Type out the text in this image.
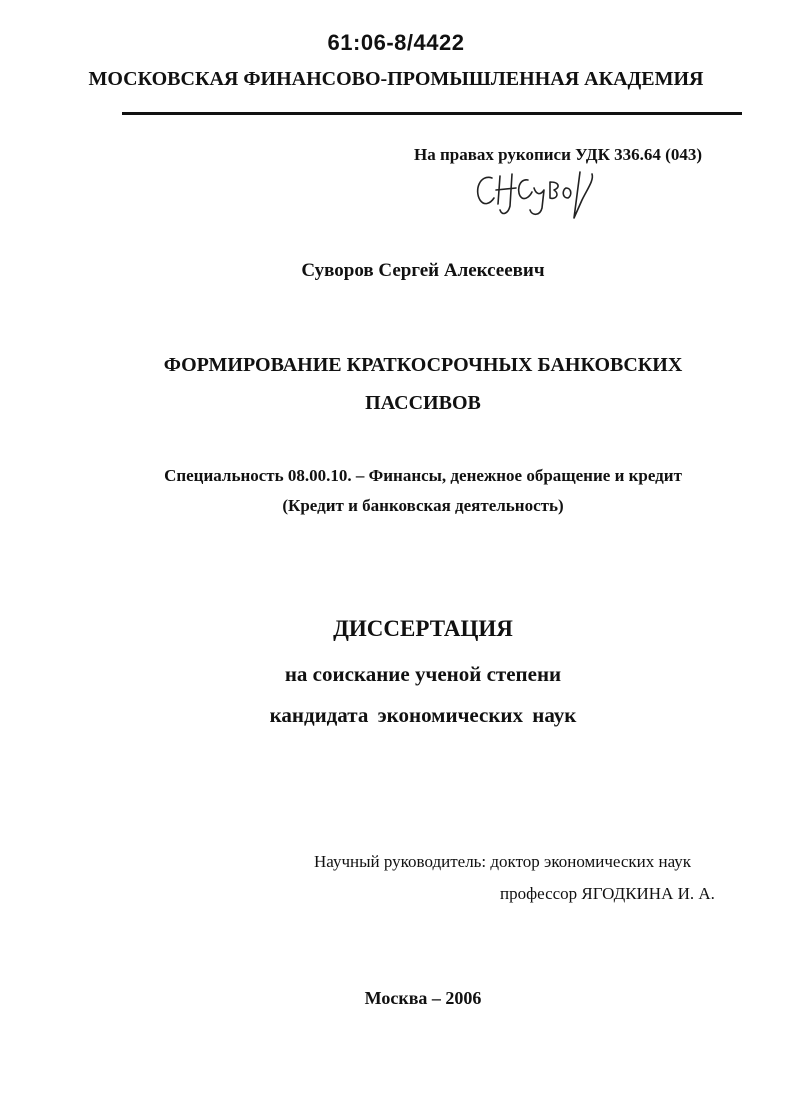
61:06-8/4422
МОСКОВСКАЯ ФИНАНСОВО-ПРОМЫШЛЕННАЯ АКАДЕМИЯ
На правах рукописи УДК 336.64 (043)
Суворов Сергей Алексеевич
ФОРМИРОВАНИЕ КРАТКОСРОЧНЫХ БАНКОВСКИХ
ПАССИВОВ
Специальность 08.00.10. – Финансы, денежное обращение и кредит
(Кредит и банковская деятельность)
ДИССЕРТАЦИЯ
на соискание ученой степени
кандидата экономических наук
Научный руководитель: доктор экономических наук
профессор ЯГОДКИНА И. А.
Москва – 2006
